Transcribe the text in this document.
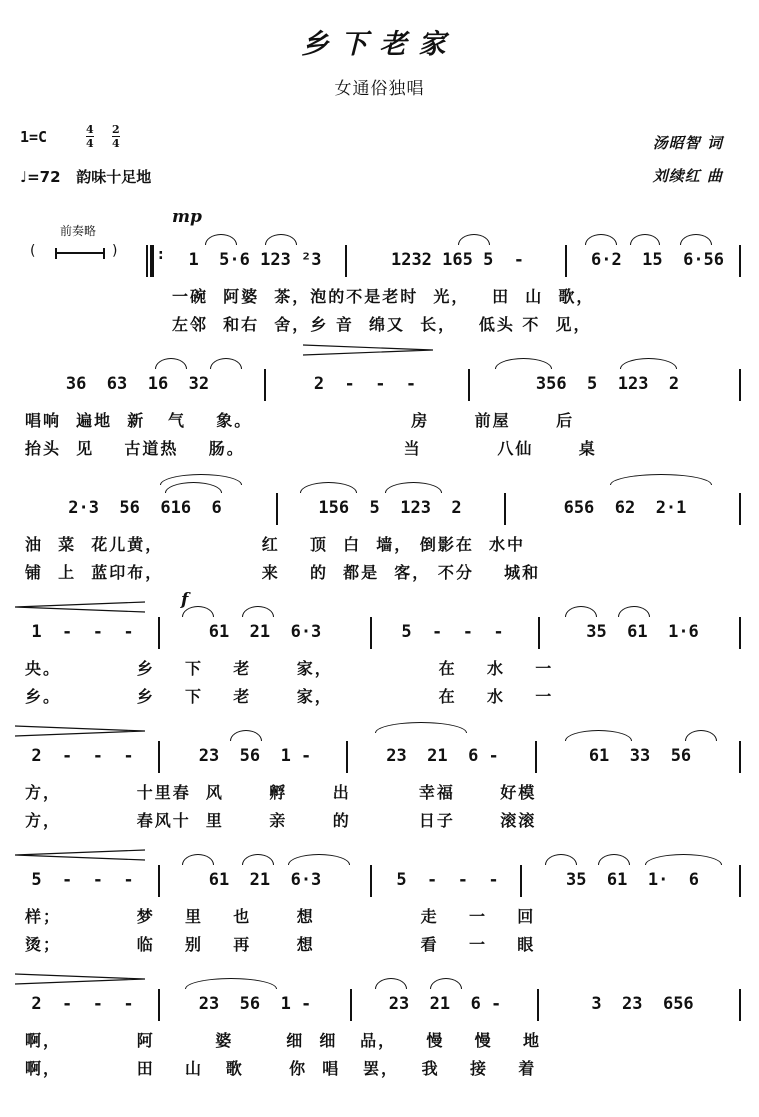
乡下老家
女通俗独唱
1=C	4
4
2
4
♩=72 韵味十足地
汤昭智 词
刘续红 曲
前奏略
(	)
mp
f
:	1  5·6 123 ²3	1232 165 5  -	6·2  15  6·56
一碗  阿婆  茶，泡的不是老时  光，   田  山  歌，
左邻  和右  舍，乡 音  绵又  长，   低头 不  见，
36  63  16  32	2  -  -  -	356  5  123  2
唱响  遍地  新   气    象。                     房      前屋      后
抬头  见    古道热    肠。                     当          八仙      桌
2·3  56  616  6	156  5  123  2	656  62  2·1
油  菜  花儿黄，             红    顶  白  墙， 倒影在  水中
铺  上  蓝印布，             来    的  都是  客， 不分    城和
1  -  -  -	61  21  6·3	5  -  -  -	35  61  1·6
央。          乡    下    老      家，              在    水    一
乡。          乡    下    老      家，              在    水    一
2  -  -  -	23  56  1 -	23  21  6 -	61  33  56
方，          十里春  风      孵      出         幸福      好模
方，          春风十  里      亲      的         日子      滚滚
5  -  -  -	61  21  6·3	5  -  -  -	35  61  1·  6
样；          梦    里    也      想              走    一    回
烫；          临    别    再      想              看    一    眼
2  -  -  -	23  56  1 -	23  21  6 -	3  23  656
啊，          阿        婆       细  细   品，    慢    慢    地
啊，          田    山   歌      你  唱   罢，   我    接    着
